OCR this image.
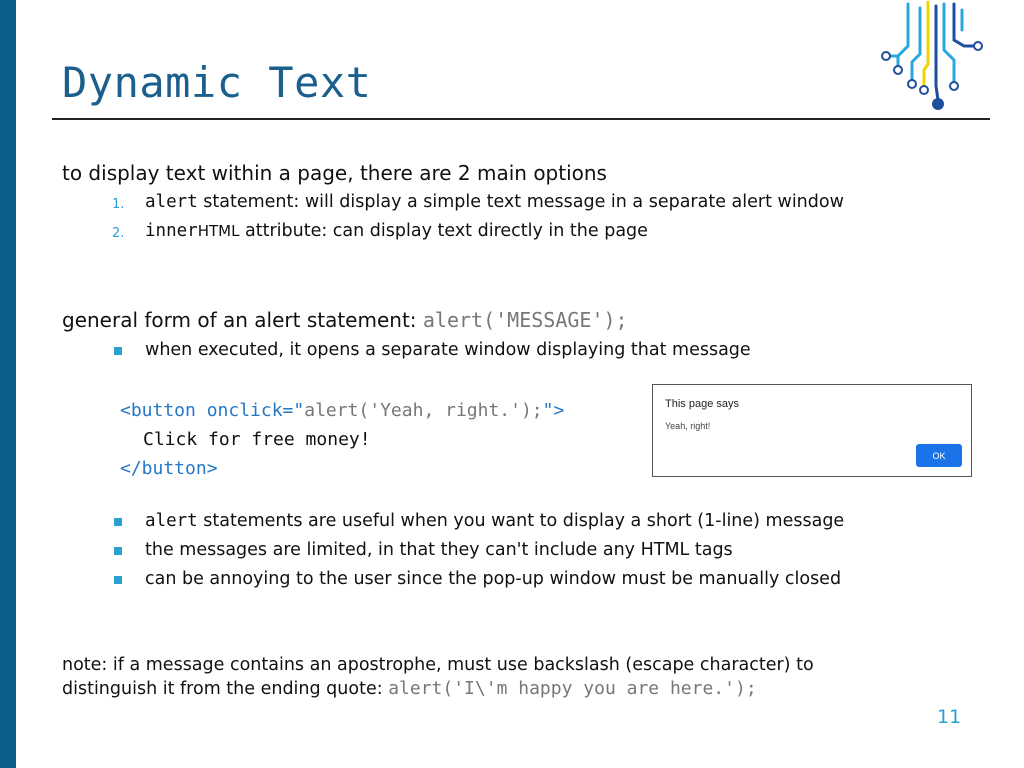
Dynamic Text
to display text within a page, there are 2 main options
1. alert statement: will display a simple text message in a separate alert window
2. innerHTML attribute: can display text directly in the page
general form of an alert statement: alert('MESSAGE');
when executed, it opens a separate window displaying that message
<button onclick="alert('Yeah, right.');">
Click for free money!
</button>
This page says
Yeah, right!
OK
alert statements are useful when you want to display a short (1-line) message
the messages are limited, in that they can't include any HTML tags
can be annoying to the user since the pop-up window must be manually closed
note: if a message contains an apostrophe, must use backslash (escape character) to
distinguish it from the ending quote: alert('I\'m happy you are here.');
11
